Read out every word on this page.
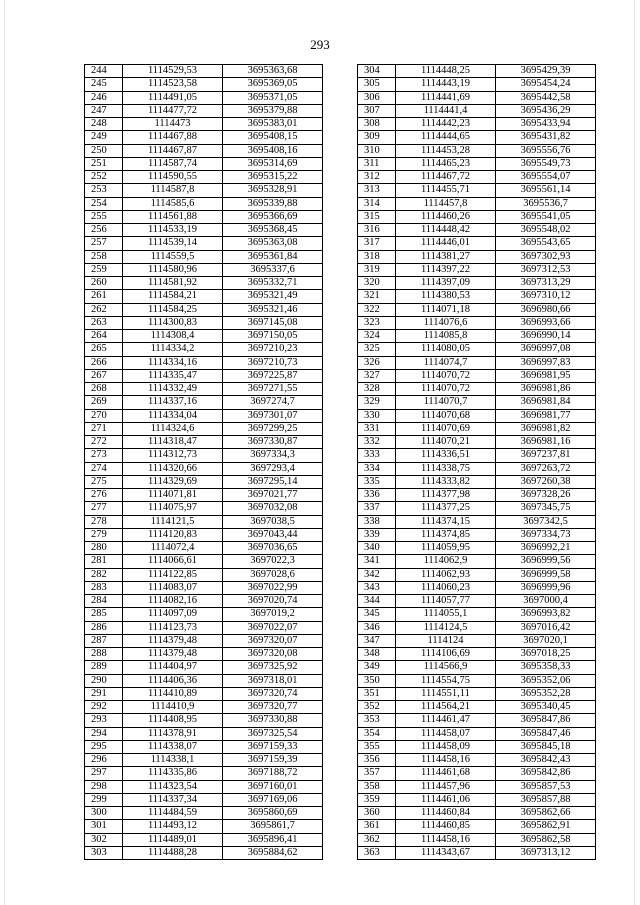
293
244	1114529,53	3695363,68
245	1114523,58	3695369,05
246	1114491,05	3695371,05
247	1114477,72	3695379,88
248	1114473	3695383,01
249	1114467,88	3695408,15
250	1114467,87	3695408,16
251	1114587,74	3695314,69
252	1114590,55	3695315,22
253	1114587,8	3695328,91
254	1114585,6	3695339,88
255	1114561,88	3695366,69
256	1114533,19	3695368,45
257	1114539,14	3695363,08
258	1114559,5	3695361,84
259	1114580,96	3695337,6
260	1114581,92	3695332,71
261	1114584,21	3695321,49
262	1114584,25	3695321,46
263	1114300,83	3697145,08
264	1114308,4	3697150,05
265	1114334,2	3697210,23
266	1114334,16	3697210,73
267	1114335,47	3697225,87
268	1114332,49	3697271,55
269	1114337,16	3697274,7
270	1114334,04	3697301,07
271	1114324,6	3697299,25
272	1114318,47	3697330,87
273	1114312,73	3697334,3
274	1114320,66	3697293,4
275	1114329,69	3697295,14
276	1114071,81	3697021,77
277	1114075,97	3697032,08
278	1114121,5	3697038,5
279	1114120,83	3697043,44
280	1114072,4	3697036,65
281	1114066,61	3697022,3
282	1114122,85	3697028,6
283	1114083,07	3697022,99
284	1114082,16	3697020,74
285	1114097,09	3697019,2
286	1114123,73	3697022,07
287	1114379,48	3697320,07
288	1114379,48	3697320,08
289	1114404,97	3697325,92
290	1114406,36	3697318,01
291	1114410,89	3697320,74
292	1114410,9	3697320,77
293	1114408,95	3697330,88
294	1114378,91	3697325,54
295	1114338,07	3697159,33
296	1114338,1	3697159,39
297	1114335,86	3697188,72
298	1114323,54	3697160,01
299	1114337,34	3697169,06
300	1114484,59	3695860,69
301	1114493,12	3695861,7
302	1114489,01	3695896,41
303	1114488,28	3695884,62
304	1114448,25	3695429,39
305	1114443,19	3695454,24
306	1114441,69	3695442,58
307	1114441,4	3695436,29
308	1114442,23	3695433,94
309	1114444,65	3695431,82
310	1114453,28	3695556,76
311	1114465,23	3695549,73
312	1114467,72	3695554,07
313	1114455,71	3695561,14
314	1114457,8	3695536,7
315	1114460,26	3695541,05
316	1114448,42	3695548,02
317	1114446,01	3695543,65
318	1114381,27	3697302,93
319	1114397,22	3697312,53
320	1114397,09	3697313,29
321	1114380,53	3697310,12
322	1114071,18	3696980,66
323	1114076,6	3696993,66
324	1114085,8	3696990,14
325	1114080,05	3696997,08
326	1114074,7	3696997,83
327	1114070,72	3696981,95
328	1114070,72	3696981,86
329	1114070,7	3696981,84
330	1114070,68	3696981,77
331	1114070,69	3696981,82
332	1114070,21	3696981,16
333	1114336,51	3697237,81
334	1114338,75	3697263,72
335	1114333,82	3697260,38
336	1114377,98	3697328,26
337	1114377,25	3697345,75
338	1114374,15	3697342,5
339	1114374,85	3697334,73
340	1114059,95	3696992,21
341	1114062,9	3696999,56
342	1114062,93	3696999,58
343	1114060,23	3696999,96
344	1114057,77	3697000,4
345	1114055,1	3696993,82
346	1114124,5	3697016,42
347	1114124	3697020,1
348	1114106,69	3697018,25
349	1114566,9	3695358,33
350	1114554,75	3695352,06
351	1114551,11	3695352,28
352	1114564,21	3695340,45
353	1114461,47	3695847,86
354	1114458,07	3695847,46
355	1114458,09	3695845,18
356	1114458,16	3695842,43
357	1114461,68	3695842,86
358	1114457,96	3695857,53
359	1114461,06	3695857,88
360	1114460,84	3695862,66
361	1114460,85	3695862,91
362	1114458,16	3695862,58
363	1114343,67	3697313,12
